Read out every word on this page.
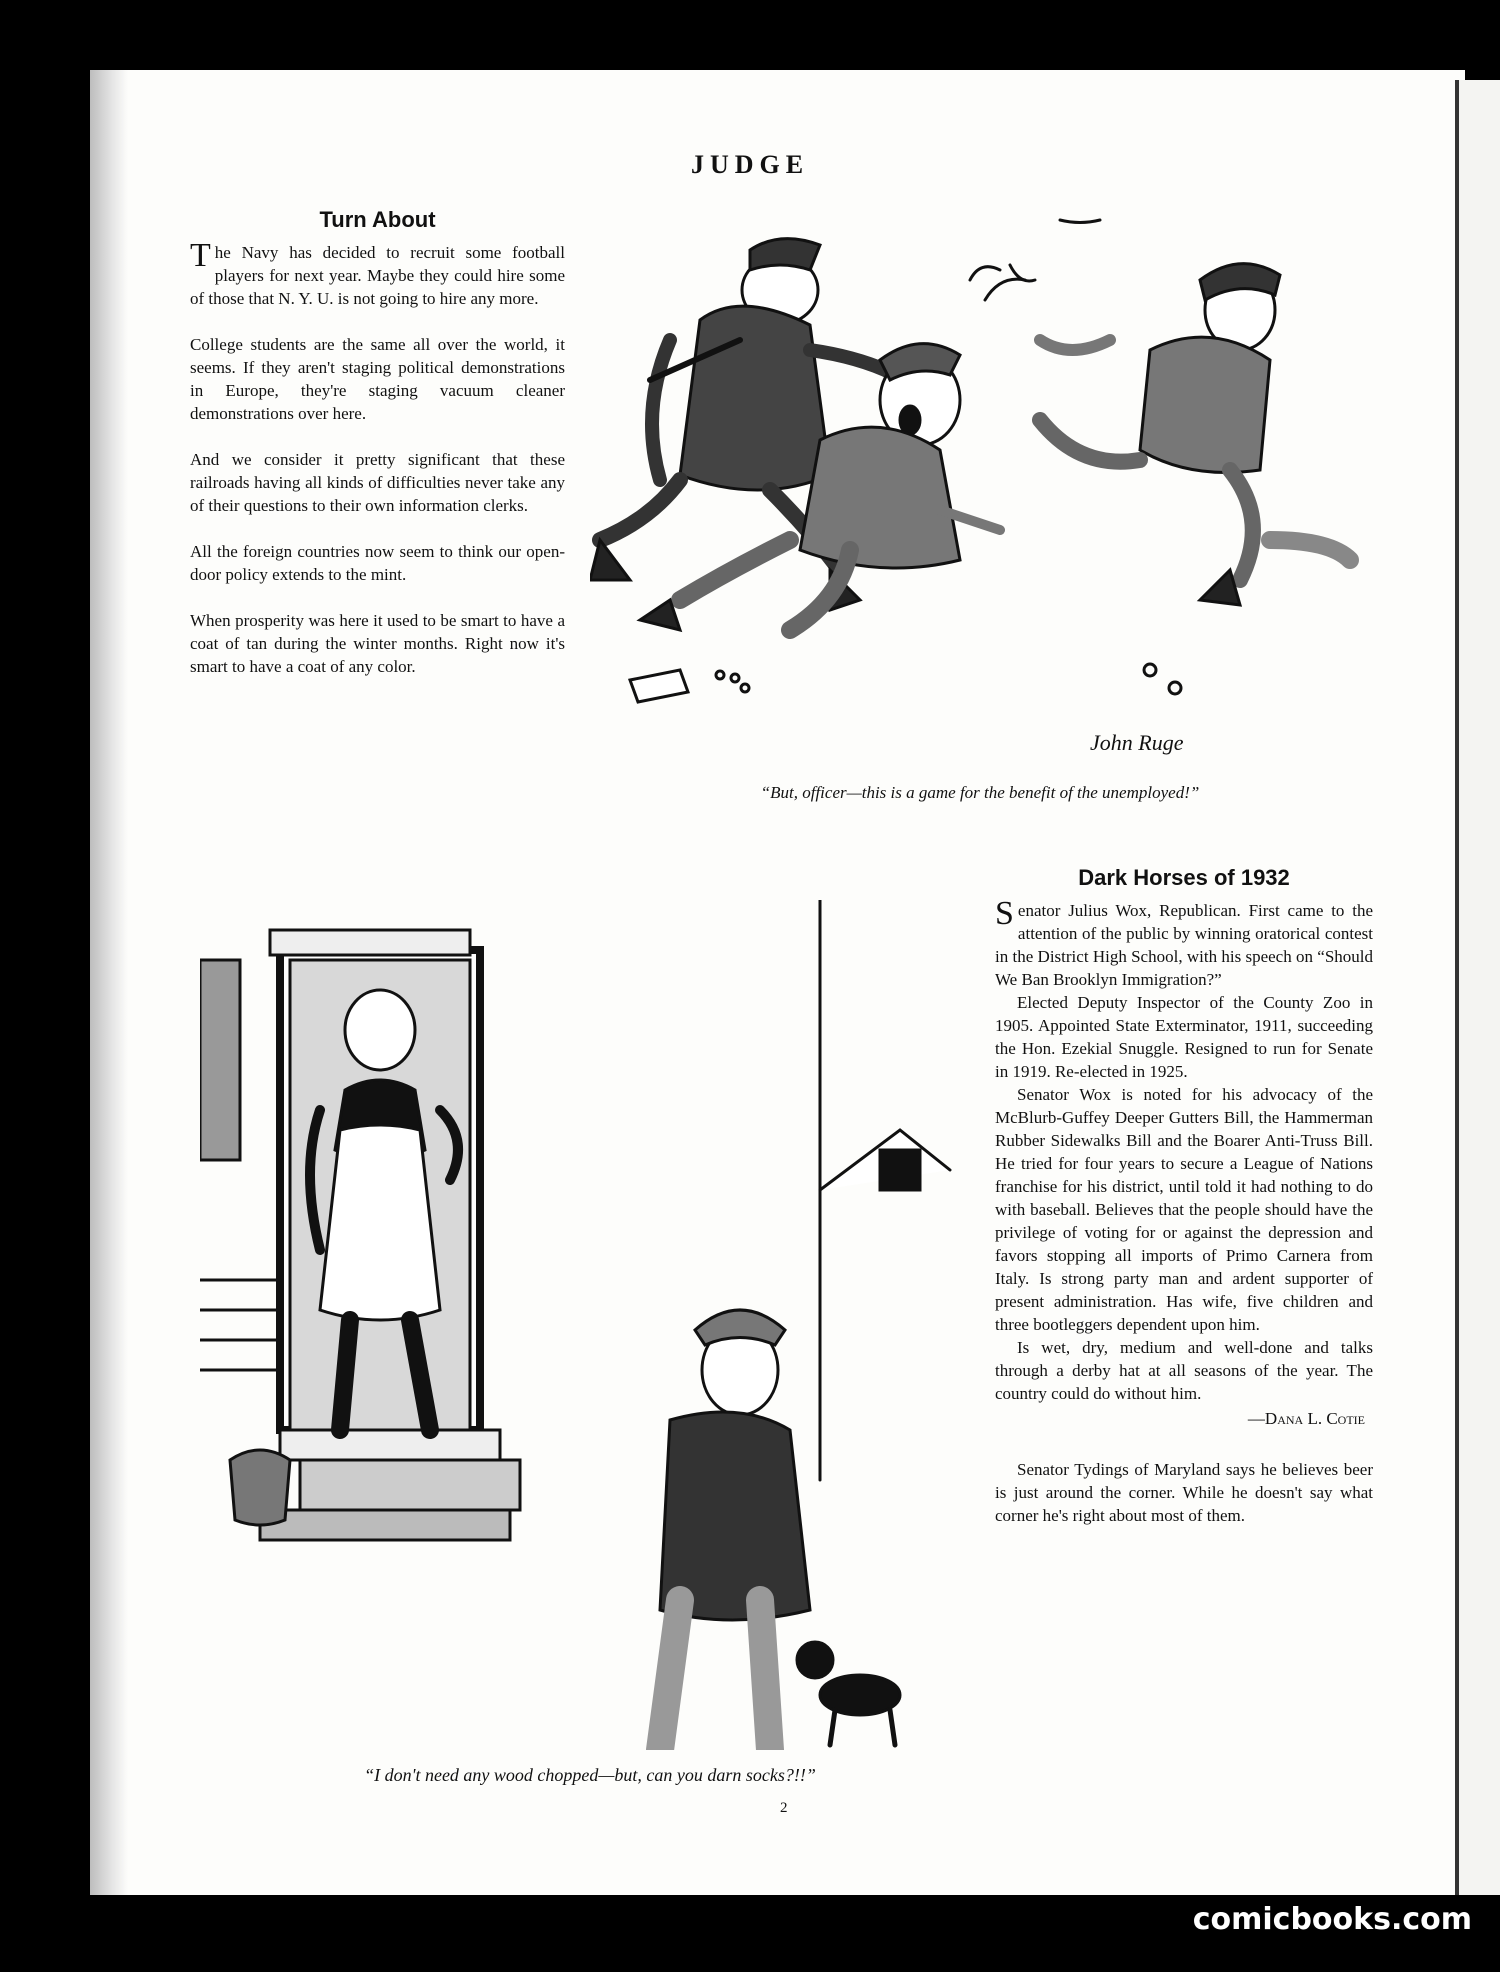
JUDGE
Turn About

The Navy has decided to recruit some football players for next year. Maybe they could hire some of those that N. Y. U. is not going to hire any more.

College students are the same all over the world, it seems. If they aren't staging political demonstrations in Europe, they're staging vacuum cleaner demonstrations over here.

And we consider it pretty significant that these railroads having all kinds of difficulties never take any of their questions to their own information clerks.

All the foreign countries now seem to think our open-door policy extends to the mint.

When prosperity was here it used to be smart to have a coat of tan during the winter months. Right now it's smart to have a coat of any color.

John Ruge
“But, officer—this is a game for the benefit of the unemployed!”
“I don't need any wood chopped—but, can you darn socks?!!”
Dark Horses of 1932

Senator Julius Wox, Republican. First came to the attention of the public by winning oratorical contest in the District High School, with his speech on “Should We Ban Brooklyn Immigration?”

Elected Deputy Inspector of the County Zoo in 1905. Appointed State Exterminator, 1911, succeeding the Hon. Ezekial Snuggle. Resigned to run for Senate in 1919. Re-elected in 1925.

Senator Wox is noted for his advocacy of the McBlurb-Guffey Deeper Gutters Bill, the Hammerman Rubber Sidewalks Bill and the Boarer Anti-Truss Bill. He tried for four years to secure a League of Nations franchise for his district, until told it had nothing to do with baseball. Believes that the people should have the privilege of voting for or against the depression and favors stopping all imports of Primo Carnera from Italy. Is strong party man and ardent supporter of present administration. Has wife, five children and three bootleggers dependent upon him.

Is wet, dry, medium and well-done and talks through a derby hat at all seasons of the year. The country could do without him.

—Dana L. Cotie

Senator Tydings of Maryland says he believes beer is just around the corner. While he doesn't say what corner he's right about most of them.

2
comicbooks.com
